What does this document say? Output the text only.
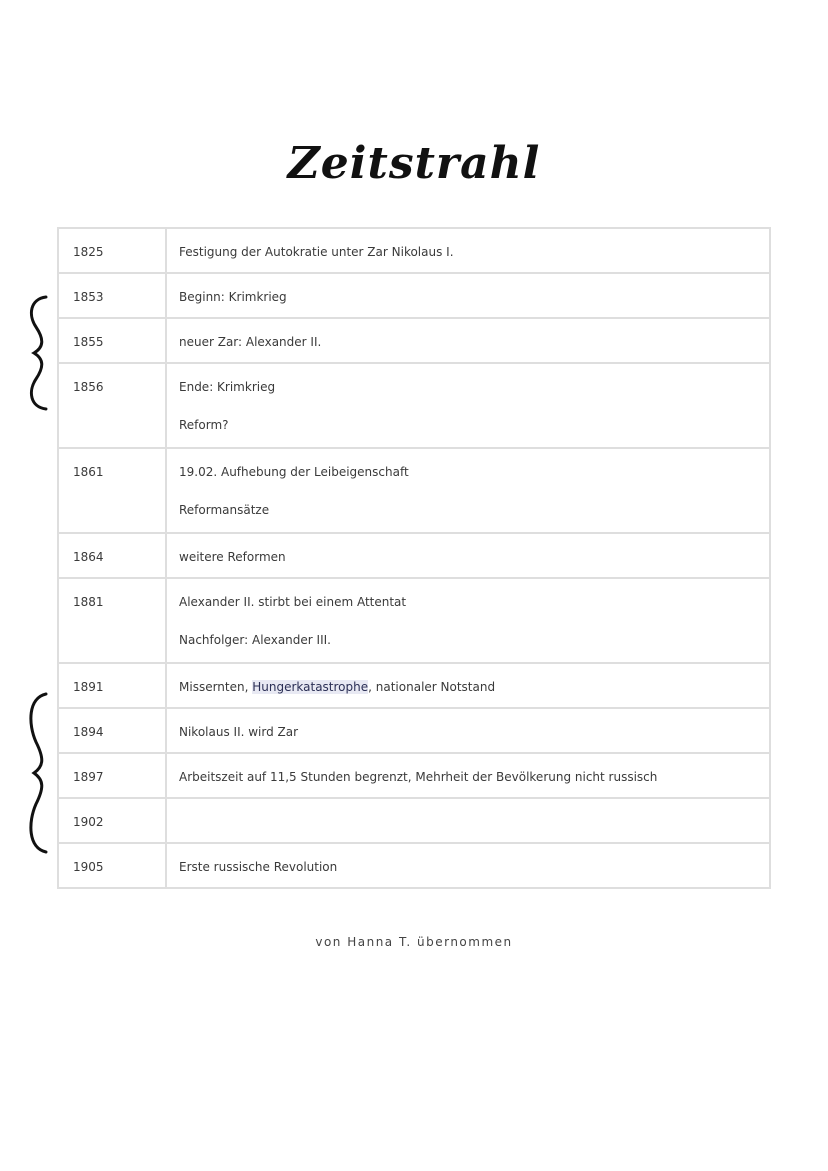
Zeitstrahl
1825	Festigung der Autokratie unter Zar Nikolaus I.

1853	Beginn: Krimkrieg

1855	neuer Zar: Alexander II.

1856	Ende: Krimkrieg
Reform?

1861	19.02. Aufhebung der Leibeigenschaft
Reformansätze

1864	weitere Reformen

1881	Alexander II. stirbt bei einem Attentat
Nachfolger: Alexander III.

1891	Missernten, Hungerkatastrophe, nationaler Notstand

1894	Nikolaus II. wird Zar

1897	Arbeitszeit auf 11,5 Stunden begrenzt, Mehrheit der Bevölkerung nicht russisch

1902	

1905	Erste russische Revolution
von Hanna T. übernommen
